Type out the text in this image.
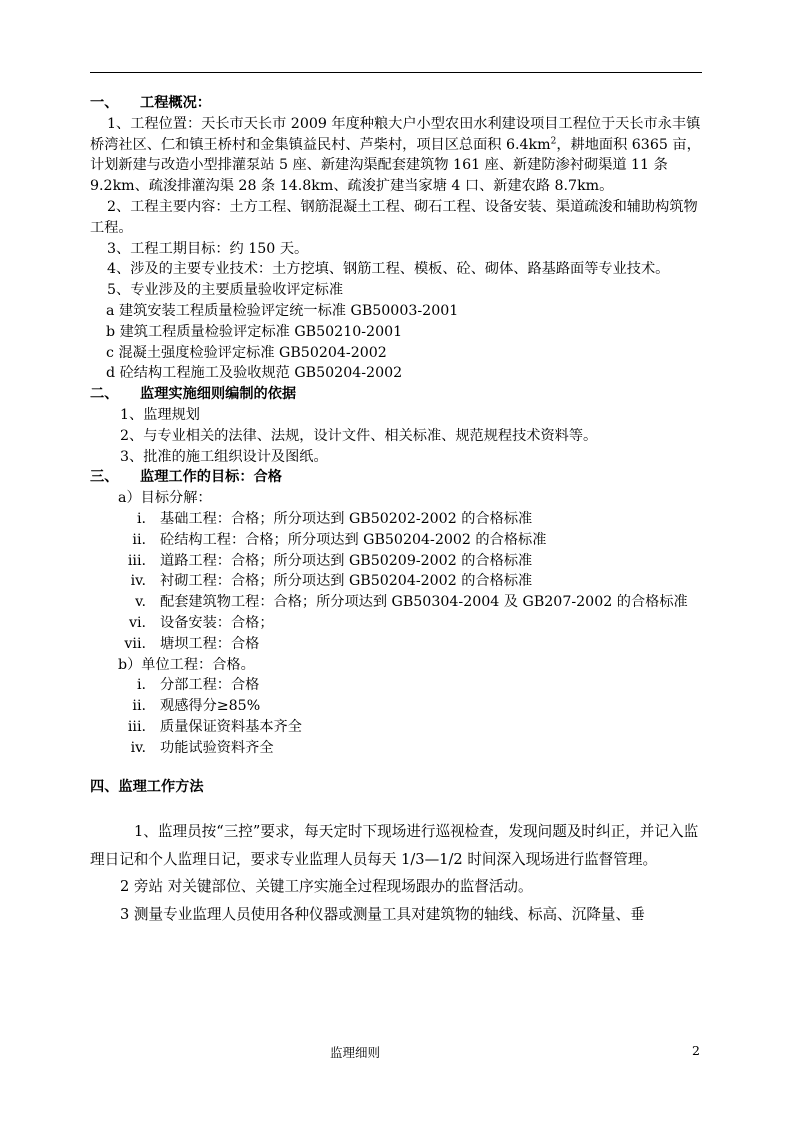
一、 工程概况：

1、工程位置：天长市天长市 2009 年度种粮大户小型农田水利建设项目工程位于天长市永丰镇桥湾社区、仁和镇王桥村和金集镇益民村、芦柴村，项目区总面积 $6.4km^2$，耕地面积 6365 亩，计划新建与改造小型排灌泵站 5 座、新建沟渠配套建筑物 161 座、新建防渗衬砌渠道 11 条 9.2km、疏浚排灌沟渠 28 条 14.8km、疏浚扩建当家塘 4 口、新建农路 8.7km。

2、工程主要内容：土方工程、钢筋混凝土工程、砌石工程、设备安装、渠道疏浚和辅助构筑物工程。

3、工程工期目标：约 150 天。

4、涉及的主要专业技术：土方挖填、钢筋工程、模板、砼、砌体、路基路面等专业技术。

5、专业涉及的主要质量验收评定标准

a 建筑安装工程质量检验评定统一标准 GB50003-2001

b 建筑工程质量检验评定标准 GB50210-2001

c 混凝土强度检验评定标准 GB50204-2002

d 砼结构工程施工及验收规范 GB50204-2002

二、 监理实施细则编制的依据

1、监理规划

2、与专业相关的法律、法规，设计文件、相关标准、规范规程技术资料等。

3、批准的施工组织设计及图纸。

三、 监理工作的目标：合格

a）目标分解：

i. 基础工程：合格；所分项达到 GB50202-2002 的合格标准
ii. 砼结构工程：合格；所分项达到 GB50204-2002 的合格标准
iii. 道路工程：合格；所分项达到 GB50209-2002 的合格标准
iv. 衬砌工程：合格；所分项达到 GB50204-2002 的合格标准
v. 配套建筑物工程：合格；所分项达到 GB50304-2004 及 GB207-2002 的合格标准
vi. 设备安装：合格；
vii. 塘坝工程：合格

b）单位工程：合格。

i. 分部工程：合格
ii. 观感得分≥85%
iii. 质量保证资料基本齐全
iv. 功能试验资料齐全

四、监理工作方法

1、监理员按“三控”要求，每天定时下现场进行巡视检查，发现问题及时纠正，并记入监理日记和个人监理日记，要求专业监理人员每天 1/3—1/2 时间深入现场进行监督管理。

2 旁站 对关键部位、关键工序实施全过程现场跟办的监督活动。

3 测量专业监理人员使用各种仪器或测量工具对建筑物的轴线、标高、沉降量、垂

监理细则	2
